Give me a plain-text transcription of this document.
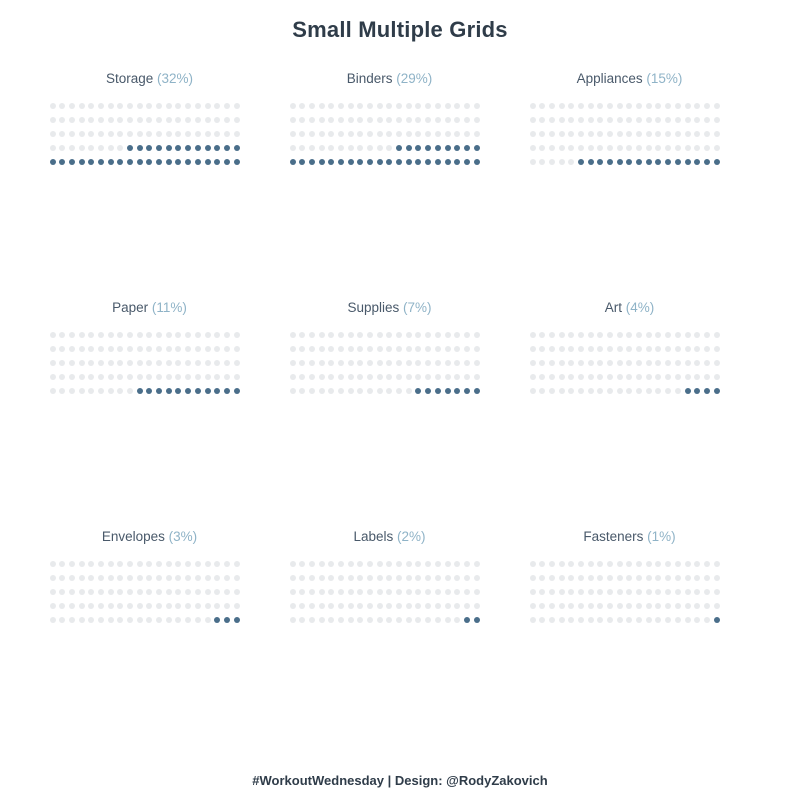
Small Multiple Grids
Storage (32%)	Binders (29%)	Appliances (15%)
Paper (11%)	Supplies (7%)	Art (4%)
Envelopes (3%)	Labels (2%)	Fasteners (1%)
#WorkoutWednesday | Design: @RodyZakovich
